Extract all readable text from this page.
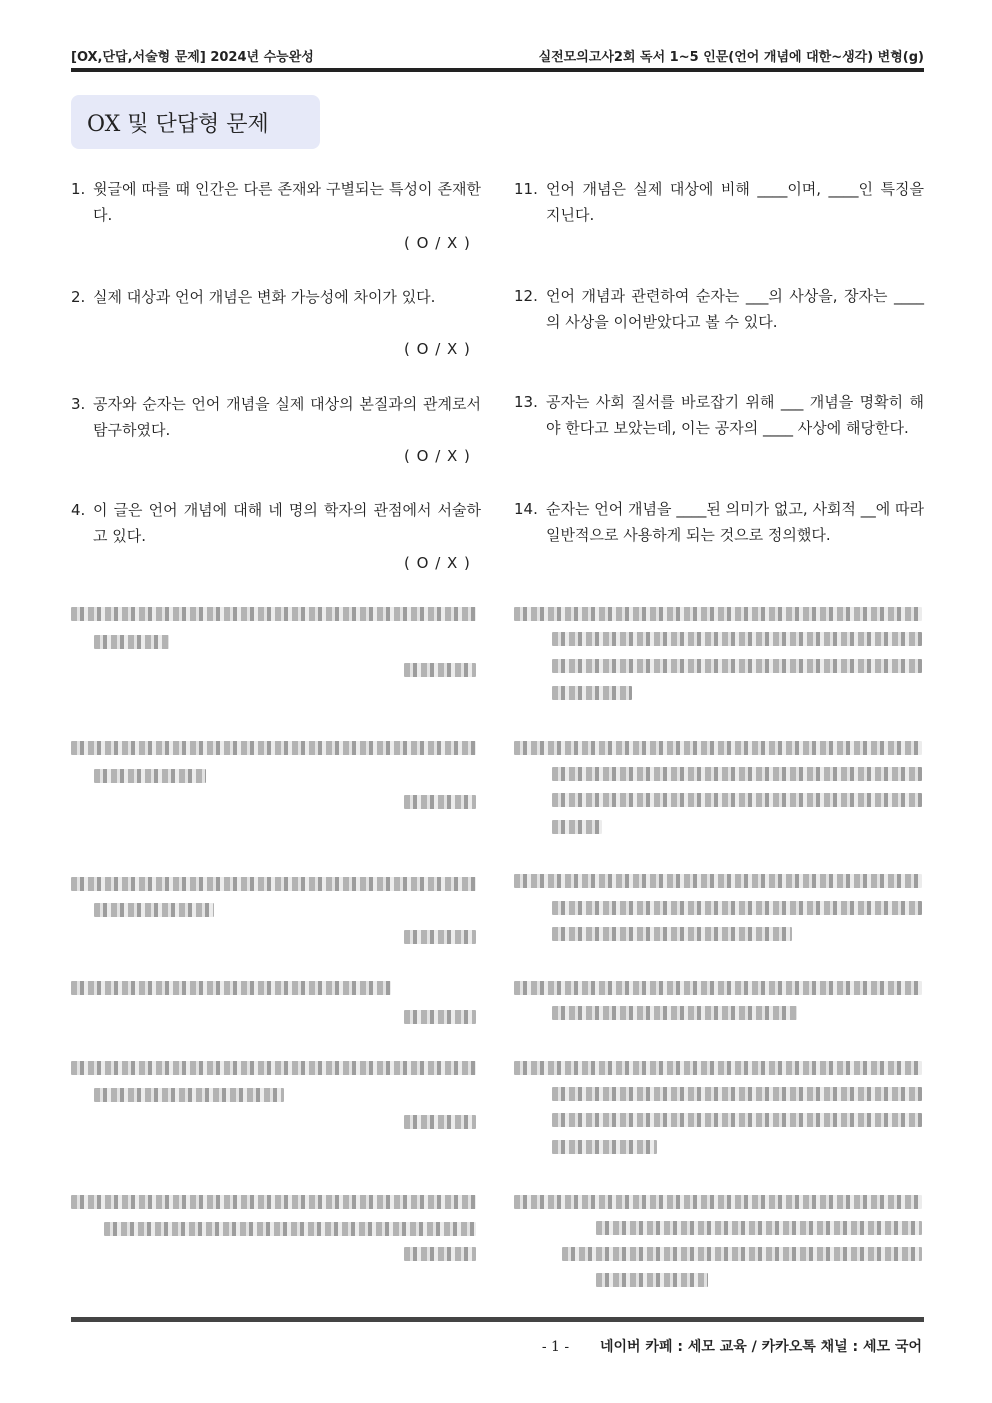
[OX,단답,서술형 문제] 2024년 수능완성	실전모의고사2회 독서 1~5 인문(언어 개념에 대한~생각) 변형(g)
OX 및 단답형 문제
1. 윗글에 따를 때 인간은 다른 존재와 구별되는 특성이 존재한다.
( O / X )
2. 실제 대상과 언어 개념은 변화 가능성에 차이가 있다.
( O / X )
3. 공자와 순자는 언어 개념을 실제 대상의 본질과의 관계로서 탐구하였다.
( O / X )
4. 이 글은 언어 개념에 대해 네 명의 학자의 관점에서 서술하고 있다.
( O / X )
11. 언어 개념은 실제 대상에 비해 ____이며, ____인 특징을 지닌다.
12. 언어 개념과 관련하여 순자는 ___의 사상을, 장자는 ____의 사상을 이어받았다고 볼 수 있다.
13. 공자는 사회 질서를 바로잡기 위해 ___ 개념을 명확히 해야 한다고 보았는데, 이는 공자의 ____ 사상에 해당한다.
14. 순자는 언어 개념을 ____된 의미가 없고, 사회적 __에 따라 일반적으로 사용하게 되는 것으로 정의했다.
- 1 - 네이버 카페 : 세모 교육 / 카카오톡 채널 : 세모 국어
